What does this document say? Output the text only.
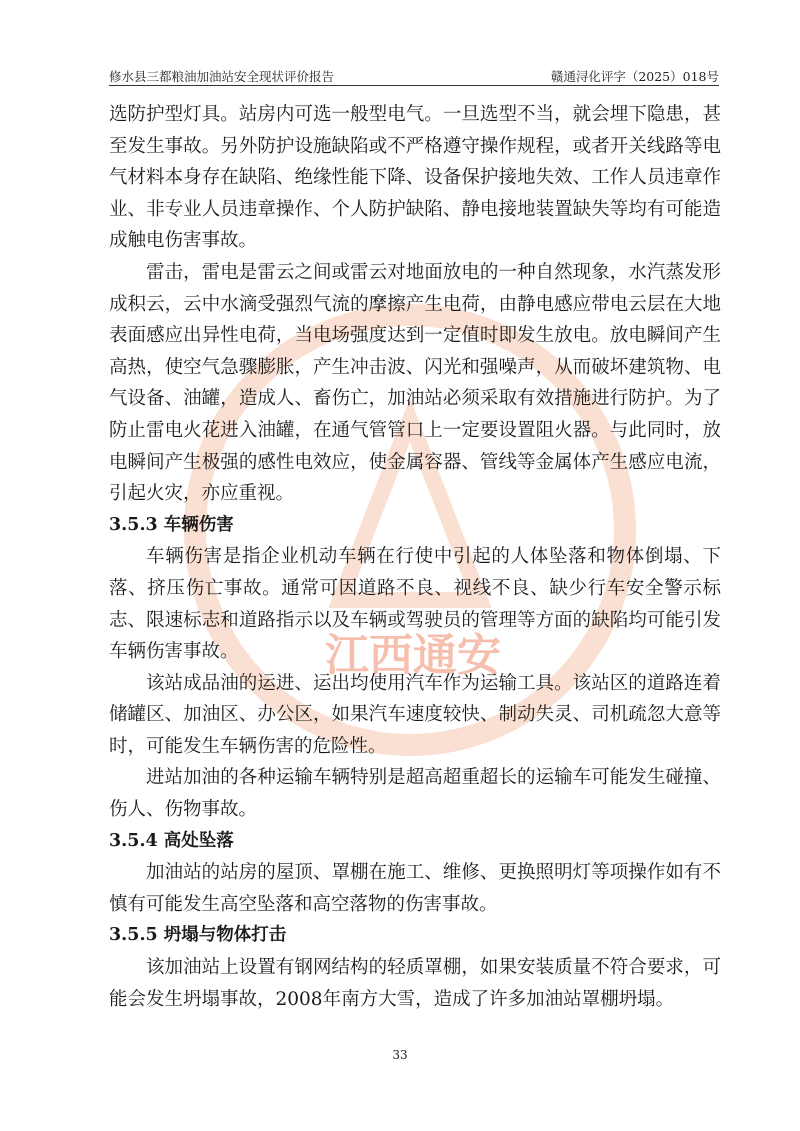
修水县三都粮油加油站安全现状评价报告	赣通浔化评字（2025）018号
江西通安

选防护型灯具。站房内可选一般型电气。一旦选型不当，就会埋下隐患，甚至发生事故。另外防护设施缺陷或不严格遵守操作规程，或者开关线路等电气材料本身存在缺陷、绝缘性能下降、设备保护接地失效、工作人员违章作业、非专业人员违章操作、个人防护缺陷、静电接地装置缺失等均有可能造成触电伤害事故。

雷击，雷电是雷云之间或雷云对地面放电的一种自然现象，水汽蒸发形成积云，云中水滴受强烈气流的摩擦产生电荷，由静电感应带电云层在大地表面感应出异性电荷，当电场强度达到一定值时即发生放电。放电瞬间产生高热，使空气急骤膨胀，产生冲击波、闪光和强噪声，从而破坏建筑物、电气设备、油罐，造成人、畜伤亡，加油站必须采取有效措施进行防护。为了防止雷电火花进入油罐，在通气管管口上一定要设置阻火器。与此同时，放电瞬间产生极强的感性电效应，使金属容器、管线等金属体产生感应电流，引起火灾，亦应重视。

3.5.3 车辆伤害

车辆伤害是指企业机动车辆在行使中引起的人体坠落和物体倒塌、下落、挤压伤亡事故。通常可因道路不良、视线不良、缺少行车安全警示标志、限速标志和道路指示以及车辆或驾驶员的管理等方面的缺陷均可能引发车辆伤害事故。

该站成品油的运进、运出均使用汽车作为运输工具。该站区的道路连着储罐区、加油区、办公区，如果汽车速度较快、制动失灵、司机疏忽大意等时，可能发生车辆伤害的危险性。

进站加油的各种运输车辆特别是超高超重超长的运输车可能发生碰撞、伤人、伤物事故。

3.5.4 高处坠落

加油站的站房的屋顶、罩棚在施工、维修、更换照明灯等项操作如有不慎有可能发生高空坠落和高空落物的伤害事故。

3.5.5 坍塌与物体打击

该加油站上设置有钢网结构的轻质罩棚，如果安装质量不符合要求，可能会发生坍塌事故，2008年南方大雪，造成了许多加油站罩棚坍塌。

33
